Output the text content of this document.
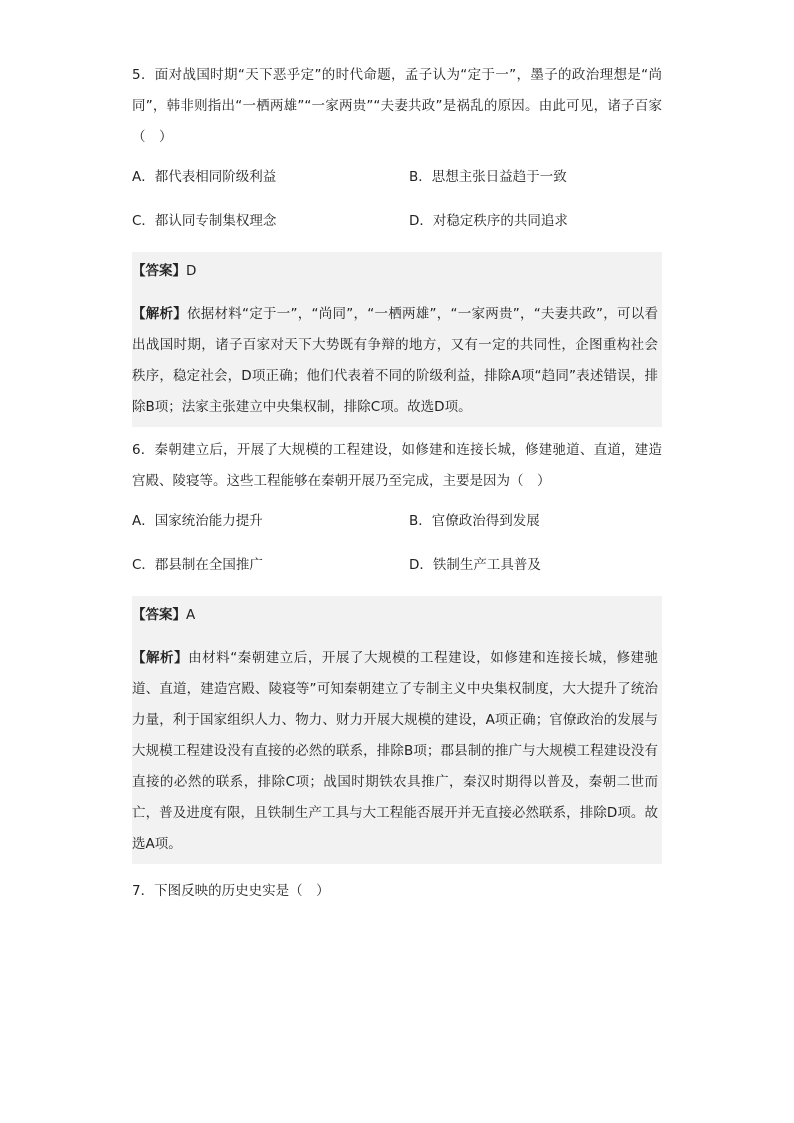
5．面对战国时期“天下恶乎定”的时代命题，孟子认为“定于一”，墨子的政治理想是“尚同”，韩非则指出“一栖两雄”“一家两贵”“夫妻共政”是祸乱的原因。由此可见，诸子百家（　）

A．都代表相同阶级利益	B．思想主张日益趋于一致
C．都认同专制集权理念	D．对稳定秩序的共同追求

【答案】D

【解析】依据材料“定于一”，“尚同”，“一栖两雄”，“一家两贵”，“夫妻共政”，可以看出战国时期，诸子百家对天下大势既有争辩的地方，又有一定的共同性，企图重构社会秩序，稳定社会，D项正确；他们代表着不同的阶级利益，排除A项“趋同”表述错误，排除B项；法家主张建立中央集权制，排除C项。故选D项。

6．秦朝建立后，开展了大规模的工程建设，如修建和连接长城，修建驰道、直道，建造宫殿、陵寝等。这些工程能够在秦朝开展乃至完成，主要是因为（　）

A．国家统治能力提升	B．官僚政治得到发展
C．郡县制在全国推广	D．铁制生产工具普及

【答案】A

【解析】由材料“秦朝建立后，开展了大规模的工程建设，如修建和连接长城，修建驰道、直道，建造宫殿、陵寝等”可知秦朝建立了专制主义中央集权制度，大大提升了统治力量，利于国家组织人力、物力、财力开展大规模的建设，A项正确；官僚政治的发展与大规模工程建设没有直接的必然的联系，排除B项；郡县制的推广与大规模工程建设没有直接的必然的联系，排除C项；战国时期铁农具推广，秦汉时期得以普及，秦朝二世而亡，普及进度有限，且铁制生产工具与大工程能否展开并无直接必然联系，排除D项。故选A项。

7．下图反映的历史史实是（　）
